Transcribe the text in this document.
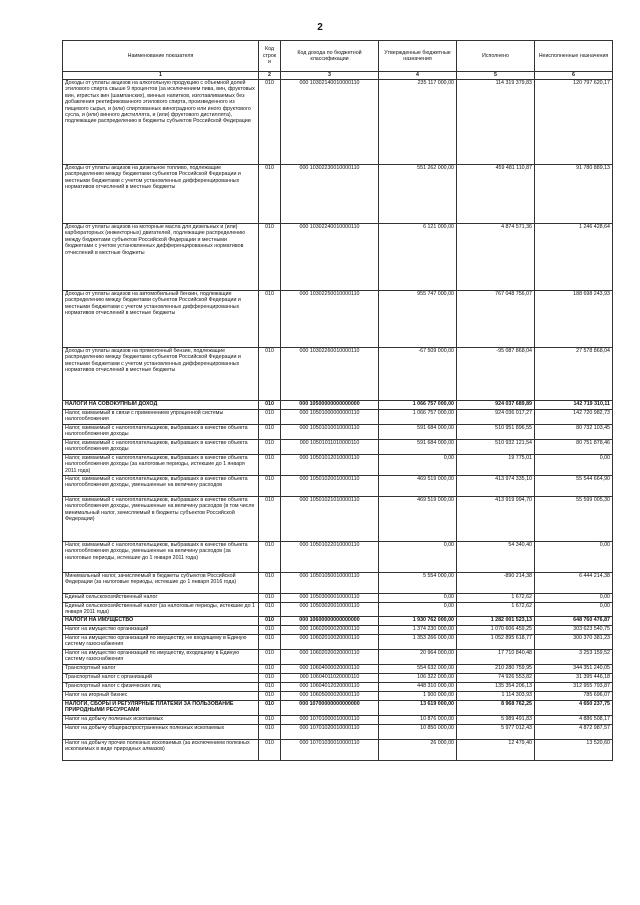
2
Наименование показателя	Код строк и	Код дохода по бюджетной классификации	Утвержденные бюджетные назначения	Исполнено	Неисполненные назначения
1	2	3	4	5	6
Доходы от уплаты акцизов на алкогольную продукцию с объемной долей этилового спирта свыше 9 процентов (за исключением пива, вин, фруктовых вин, игристых вин (шампанских), винных напитков, изготавливаемых без добавления ректификованного этилового спирта, произведенного из пищевого сырья, и (или) спиртованных виноградного или иного фруктового сусла, и (или) винного дистиллята, и (или) фруктового дистиллята), подлежащие распределению в бюджеты субъектов Российской Федерации	010	000 10302140010000110	235 117 000,00	114 319 379,83	120 797 620,17
Доходы от уплаты акцизов на дизельное топливо, подлежащие распределению между бюджетами субъектов Российской Федерации и местными бюджетами с учетом установленных дифференцированных нормативов отчислений в местные бюджеты	010	000 10302230010000110	551 262 000,00	459 481 110,87	91 780 889,13
Доходы от уплаты акцизов на моторные масла для дизельных и (или) карбюраторных (инжекторных) двигателей, подлежащие распределению между бюджетами субъектов Российской Федерации и местными бюджетами с учетом установленных дифференцированных нормативов отчислений в местные бюджеты	010	000 10302240010000110	6 121 000,00	4 874 571,36	1 246 428,64
Доходы от уплаты акцизов на автомобильный бензин, подлежащие распределению между бюджетами субъектов Российской Федерации и местными бюджетами с учетом установленных дифференцированных нормативов отчислений в местные бюджеты	010	000 10302250010000110	955 747 000,00	767 048 756,07	188 698 243,93
Доходы от уплаты акцизов на прямогонный бензин, подлежащие распределению между бюджетами субъектов Российской Федерации и местными бюджетами с учетом установленных дифференцированных нормативов отчислений в местные бюджеты	010	000 10302260010000110	-67 509 000,00	-95 087 868,04	27 578 868,04
НАЛОГИ НА СОВОКУПНЫЙ ДОХОД	010	000 10500000000000000	1 066 757 000,00	924 037 689,89	142 719 310,11
Налог, взимаемый в связи с применением упрощенной системы налогообложения	010	000 10501000000000110	1 066 757 000,00	924 036 017,27	142 720 982,73
Налог, взимаемый с налогоплательщиков, выбравших в качестве объекта налогообложения доходы	010	000 10501010010000110	591 684 000,00	510 951 896,55	80 732 103,45
Налог, взимаемый с налогоплательщиков, выбравших в качестве объекта налогообложения доходы	010	000 10501011010000110	591 684 000,00	510 932 121,54	80 751 878,46
Налог, взимаемый с налогоплательщиков, выбравших в качестве объекта налогообложения доходы (за налоговые периоды, истекшие до 1 января 2011 года)	010	000 10501012010000110	0,00	19 775,01	0,00
Налог, взимаемый с налогоплательщиков, выбравших в качестве объекта налогообложения доходы, уменьшенные на величину расходов	010	000 10501020010000110	469 519 000,00	413 974 335,10	55 544 664,90
Налог, взимаемый с налогоплательщиков, выбравших в качестве объекта налогообложения доходы, уменьшенные на величину расходов (в том числе минимальный налог, зачисляемый в бюджеты субъектов Российской Федерации)	010	000 10501021010000110	469 519 000,00	413 919 994,70	55 599 005,30
Налог, взимаемый с налогоплательщиков, выбравших в качестве объекта налогообложения доходы, уменьшенные на величину расходов (за налоговые периоды, истекшие до 1 января 2011 года)	010	000 10501022010000110	0,00	54 340,40	0,00
Минимальный налог, зачисляемый в бюджеты субъектов Российской Федерации (за налоговые периоды, истекшие до 1 января 2016 года)	010	000 10501050010000110	5 554 000,00	-890 214,38	6 444 214,38
Единый сельскохозяйственный налог	010	000 10503000010000110	0,00	1 672,62	0,00
Единый сельскохозяйственный налог (за налоговые периоды, истекшие до 1 января 2011 года)	010	000 10503020010000110	0,00	1 672,62	0,00
НАЛОГИ НА ИМУЩЕСТВО	010	000 10600000000000000	1 930 762 000,00	1 282 001 523,13	648 760 476,87
Налог на имущество организаций	010	000 10602000020000110	1 374 230 000,00	1 070 606 459,25	303 623 540,75
Налог на имущество организаций по имуществу, не входящему в Единую систему газоснабжения	010	000 10602010020000110	1 353 266 000,00	1 052 895 618,77	300 370 381,23
Налог на имущество организаций по имуществу, входящему в Единую систему газоснабжения	010	000 10602020020000110	20 964 000,00	17 710 840,48	3 253 159,52
Транспортный налог	010	000 10604000020000110	554 632 000,00	210 280 759,95	344 351 240,05
Транспортный налог с организаций	010	000 10604011020000110	106 322 000,00	74 926 553,82	31 395 446,18
Транспортный налог с физических лиц	010	000 10604012020000110	448 310 000,00	135 354 206,13	312 955 793,87
Налог на игорный бизнес	010	000 10605000020000110	1 900 000,00	1 114 303,93	785 696,07
НАЛОГИ, СБОРЫ И РЕГУЛЯРНЫЕ ПЛАТЕЖИ ЗА ПОЛЬЗОВАНИЕ ПРИРОДНЫМИ РЕСУРСАМИ	010	000 10700000000000000	13 619 000,00	8 968 762,25	4 650 237,75
Налог на добычу полезных ископаемых	010	000 10701000010000110	10 876 000,00	5 989 491,83	4 886 508,17
Налог на добычу общераспространенных полезных ископаемых	010	000 10701020010000110	10 850 000,00	5 977 012,43	4 872 987,57
Налог на добычу прочих полезных ископаемых (за исключением полезных ископаемых в виде природных алмазов)	010	000 10701030010000110	26 000,00	12 479,40	13 520,60
